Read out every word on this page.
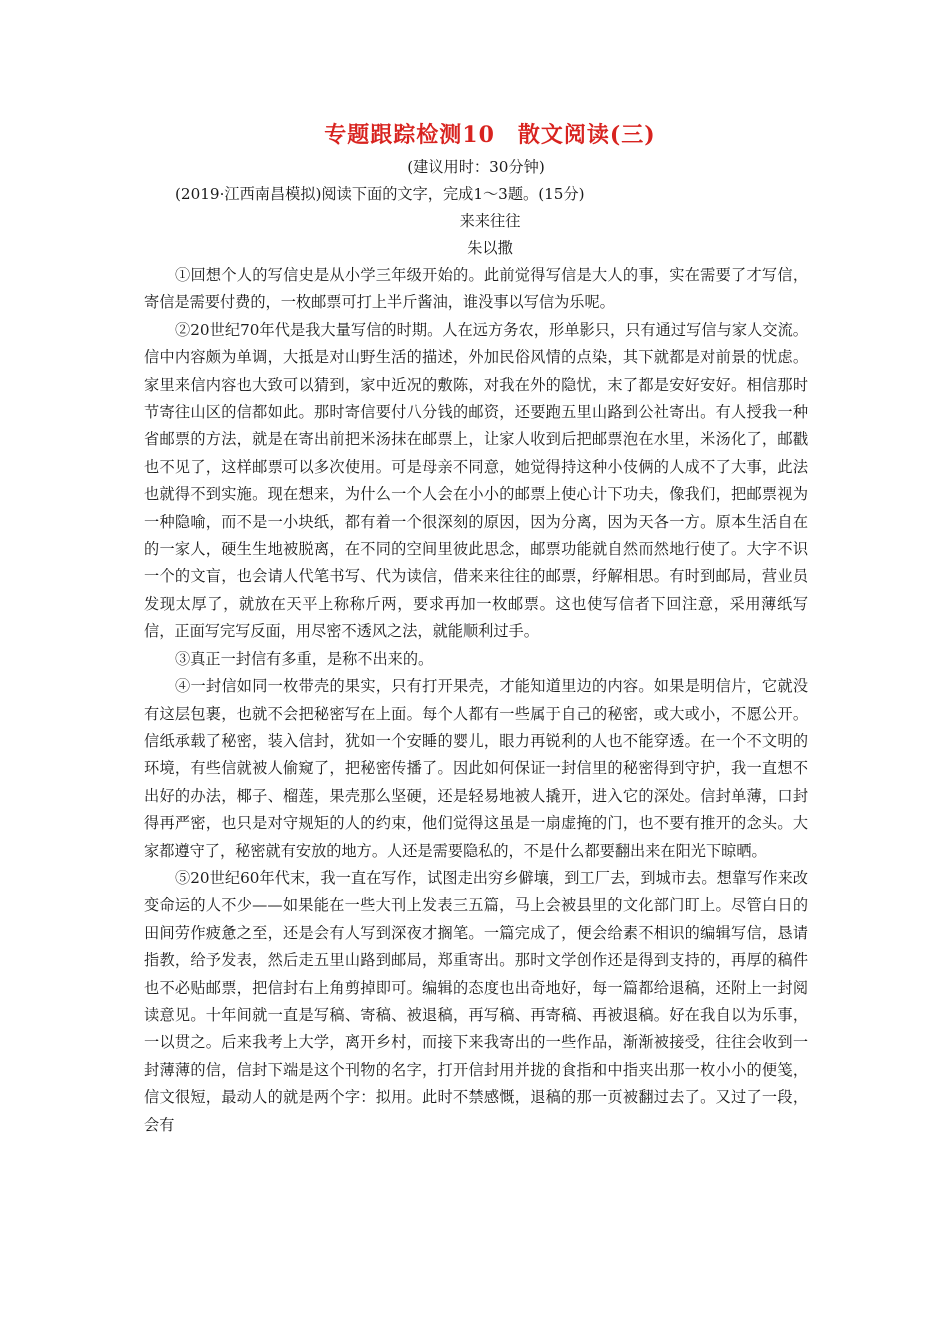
专题跟踪检测10　散文阅读(三)

(建议用时：30分钟)

(2019·江西南昌模拟)阅读下面的文字，完成1～3题。(15分)

来来往往

朱以撒

①回想个人的写信史是从小学三年级开始的。此前觉得写信是大人的事，实在需要了才写信，寄信是需要付费的，一枚邮票可打上半斤酱油，谁没事以写信为乐呢。

②20世纪70年代是我大量写信的时期。人在远方务农，形单影只，只有通过写信与家人交流。信中内容颇为单调，大抵是对山野生活的描述，外加民俗风情的点染，其下就都是对前景的忧虑。家里来信内容也大致可以猜到，家中近况的敷陈，对我在外的隐忧，末了都是安好安好。相信那时节寄往山区的信都如此。那时寄信要付八分钱的邮资，还要跑五里山路到公社寄出。有人授我一种省邮票的方法，就是在寄出前把米汤抹在邮票上，让家人收到后把邮票泡在水里，米汤化了，邮戳也不见了，这样邮票可以多次使用。可是母亲不同意，她觉得持这种小伎俩的人成不了大事，此法也就得不到实施。现在想来，为什么一个人会在小小的邮票上使心计下功夫，像我们，把邮票视为一种隐喻，而不是一小块纸，都有着一个很深刻的原因，因为分离，因为天各一方。原本生活自在的一家人，硬生生地被脱离，在不同的空间里彼此思念，邮票功能就自然而然地行使了。大字不识一个的文盲，也会请人代笔书写、代为读信，借来来往往的邮票，纾解相思。有时到邮局，营业员发现太厚了，就放在天平上称称斤两，要求再加一枚邮票。这也使写信者下回注意，采用薄纸写信，正面写完写反面，用尽密不透风之法，就能顺利过手。

③真正一封信有多重，是称不出来的。

④一封信如同一枚带壳的果实，只有打开果壳，才能知道里边的内容。如果是明信片，它就没有这层包裹，也就不会把秘密写在上面。每个人都有一些属于自己的秘密，或大或小，不愿公开。信纸承载了秘密，装入信封，犹如一个安睡的婴儿，眼力再锐利的人也不能穿透。在一个不文明的环境，有些信就被人偷窥了，把秘密传播了。因此如何保证一封信里的秘密得到守护，我一直想不出好的办法，椰子、榴莲，果壳那么坚硬，还是轻易地被人撬开，进入它的深处。信封单薄，口封得再严密，也只是对守规矩的人的约束，他们觉得这虽是一扇虚掩的门，也不要有推开的念头。大家都遵守了，秘密就有安放的地方。人还是需要隐私的，不是什么都要翻出来在阳光下晾晒。

⑤20世纪60年代末，我一直在写作，试图走出穷乡僻壤，到工厂去，到城市去。想靠写作来改变命运的人不少——如果能在一些大刊上发表三五篇，马上会被县里的文化部门盯上。尽管白日的田间劳作疲惫之至，还是会有人写到深夜才搁笔。一篇完成了，便会给素不相识的编辑写信，恳请指教，给予发表，然后走五里山路到邮局，郑重寄出。那时文学创作还是得到支持的，再厚的稿件也不必贴邮票，把信封右上角剪掉即可。编辑的态度也出奇地好，每一篇都给退稿，还附上一封阅读意见。十年间就一直是写稿、寄稿、被退稿，再写稿、再寄稿、再被退稿。好在我自以为乐事，一以贯之。后来我考上大学，离开乡村，而接下来我寄出的一些作品，渐渐被接受，往往会收到一封薄薄的信，信封下端是这个刊物的名字，打开信封用并拢的食指和中指夹出那一枚小小的便笺，信文很短，最动人的就是两个字：拟用。此时不禁感慨，退稿的那一页被翻过去了。又过了一段，会有
